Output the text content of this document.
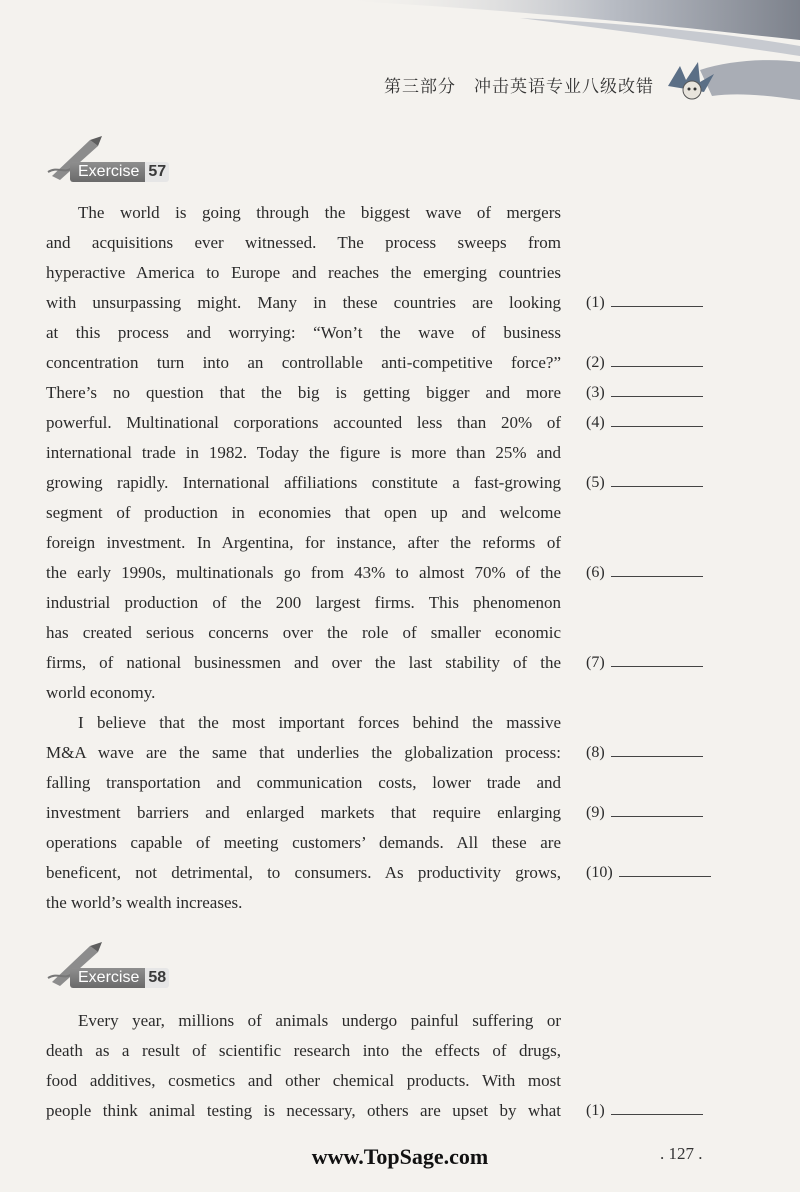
第三部分　冲击英语专业八级改错
Exercise 57
The world is going through the biggest wave of mergers
and acquisitions ever witnessed. The process sweeps from
hyperactive America to Europe and reaches the emerging countries
with unsurpassing might. Many in these countries are looking (1)
at this process and worrying: “Won’t the wave of business
concentration turn into an controllable anti-competitive force?” (2)
There’s no question that the big is getting bigger and more (3)
powerful. Multinational corporations accounted less than 20% of (4)
international trade in 1982. Today the figure is more than 25% and
growing rapidly. International affiliations constitute a fast-growing (5)
segment of production in economies that open up and welcome
foreign investment. In Argentina, for instance, after the reforms of
the early 1990s, multinationals go from 43% to almost 70% of the (6)
industrial production of the 200 largest firms. This phenomenon
has created serious concerns over the role of smaller economic
firms, of national businessmen and over the last stability of the (7)
world economy.
I believe that the most important forces behind the massive
M&A wave are the same that underlies the globalization process: (8)
falling transportation and communication costs, lower trade and
investment barriers and enlarged markets that require enlarging (9)
operations capable of meeting customers’ demands. All these are
beneficent, not detrimental, to consumers. As productivity grows, (10)
the world’s wealth increases.
Exercise 58
Every year, millions of animals undergo painful suffering or
death as a result of scientific research into the effects of drugs,
food additives, cosmetics and other chemical products. With most
people think animal testing is necessary, others are upset by what (1)
www.TopSage.com	. 127 .
